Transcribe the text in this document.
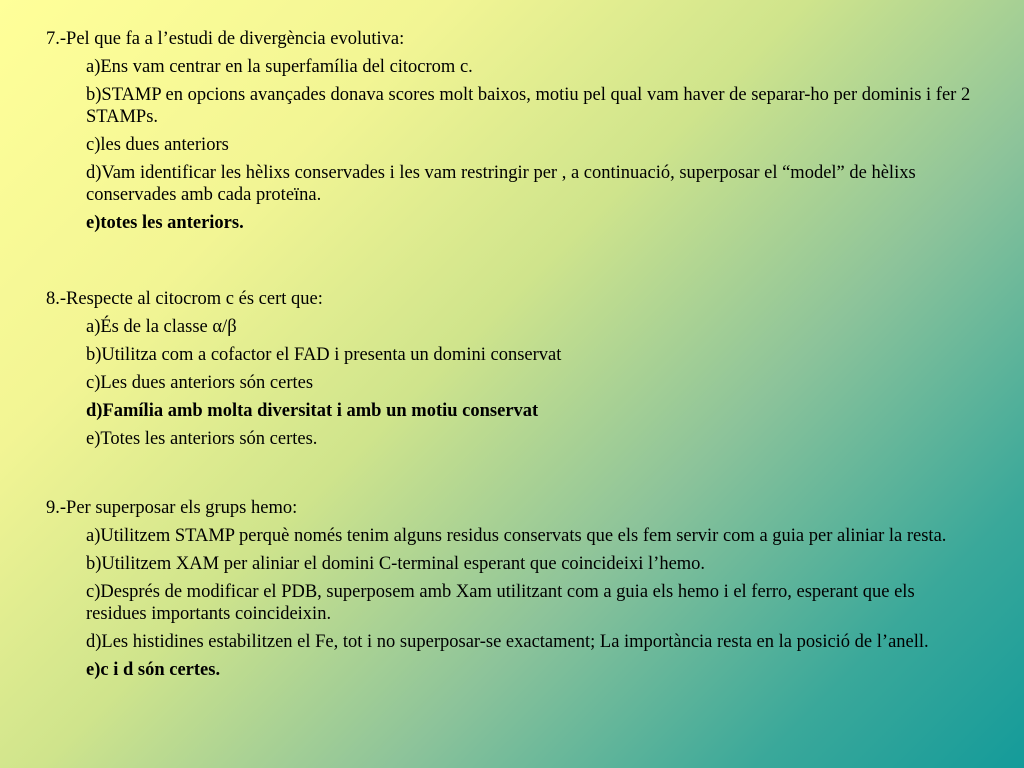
7.-Pel que fa a l’estudi de divergència evolutiva:
a)Ens vam centrar en la superfamília del citocrom c.
b)STAMP en opcions avançades donava scores molt baixos, motiu pel qual vam haver de separar-ho per dominis i fer 2 STAMPs.
c)les dues anteriors
d)Vam identificar les hèlixs conservades i les vam restringir per , a continuació, superposar el “model” de hèlixs conservades amb cada proteïna.
e)totes les anteriors.
8.-Respecte al citocrom c és cert que:
a)És de la classe α/β
b)Utilitza com a cofactor el FAD i presenta un domini conservat
c)Les dues anteriors són certes
d)Família amb molta diversitat i amb un motiu conservat
e)Totes les anteriors són certes.
9.-Per superposar els grups hemo:
a)Utilitzem STAMP perquè només tenim alguns residus conservats que els fem servir com a guia per aliniar la resta.
b)Utilitzem XAM per aliniar el domini C-terminal esperant que coincideixi l’hemo.
c)Després de modificar el PDB, superposem amb Xam utilitzant com a guia els hemo i el ferro, esperant que els residues importants coincideixin.
d)Les histidines estabilitzen el Fe, tot i no superposar-se exactament; La importància resta en la posició de l’anell.
e)c i d són certes.
